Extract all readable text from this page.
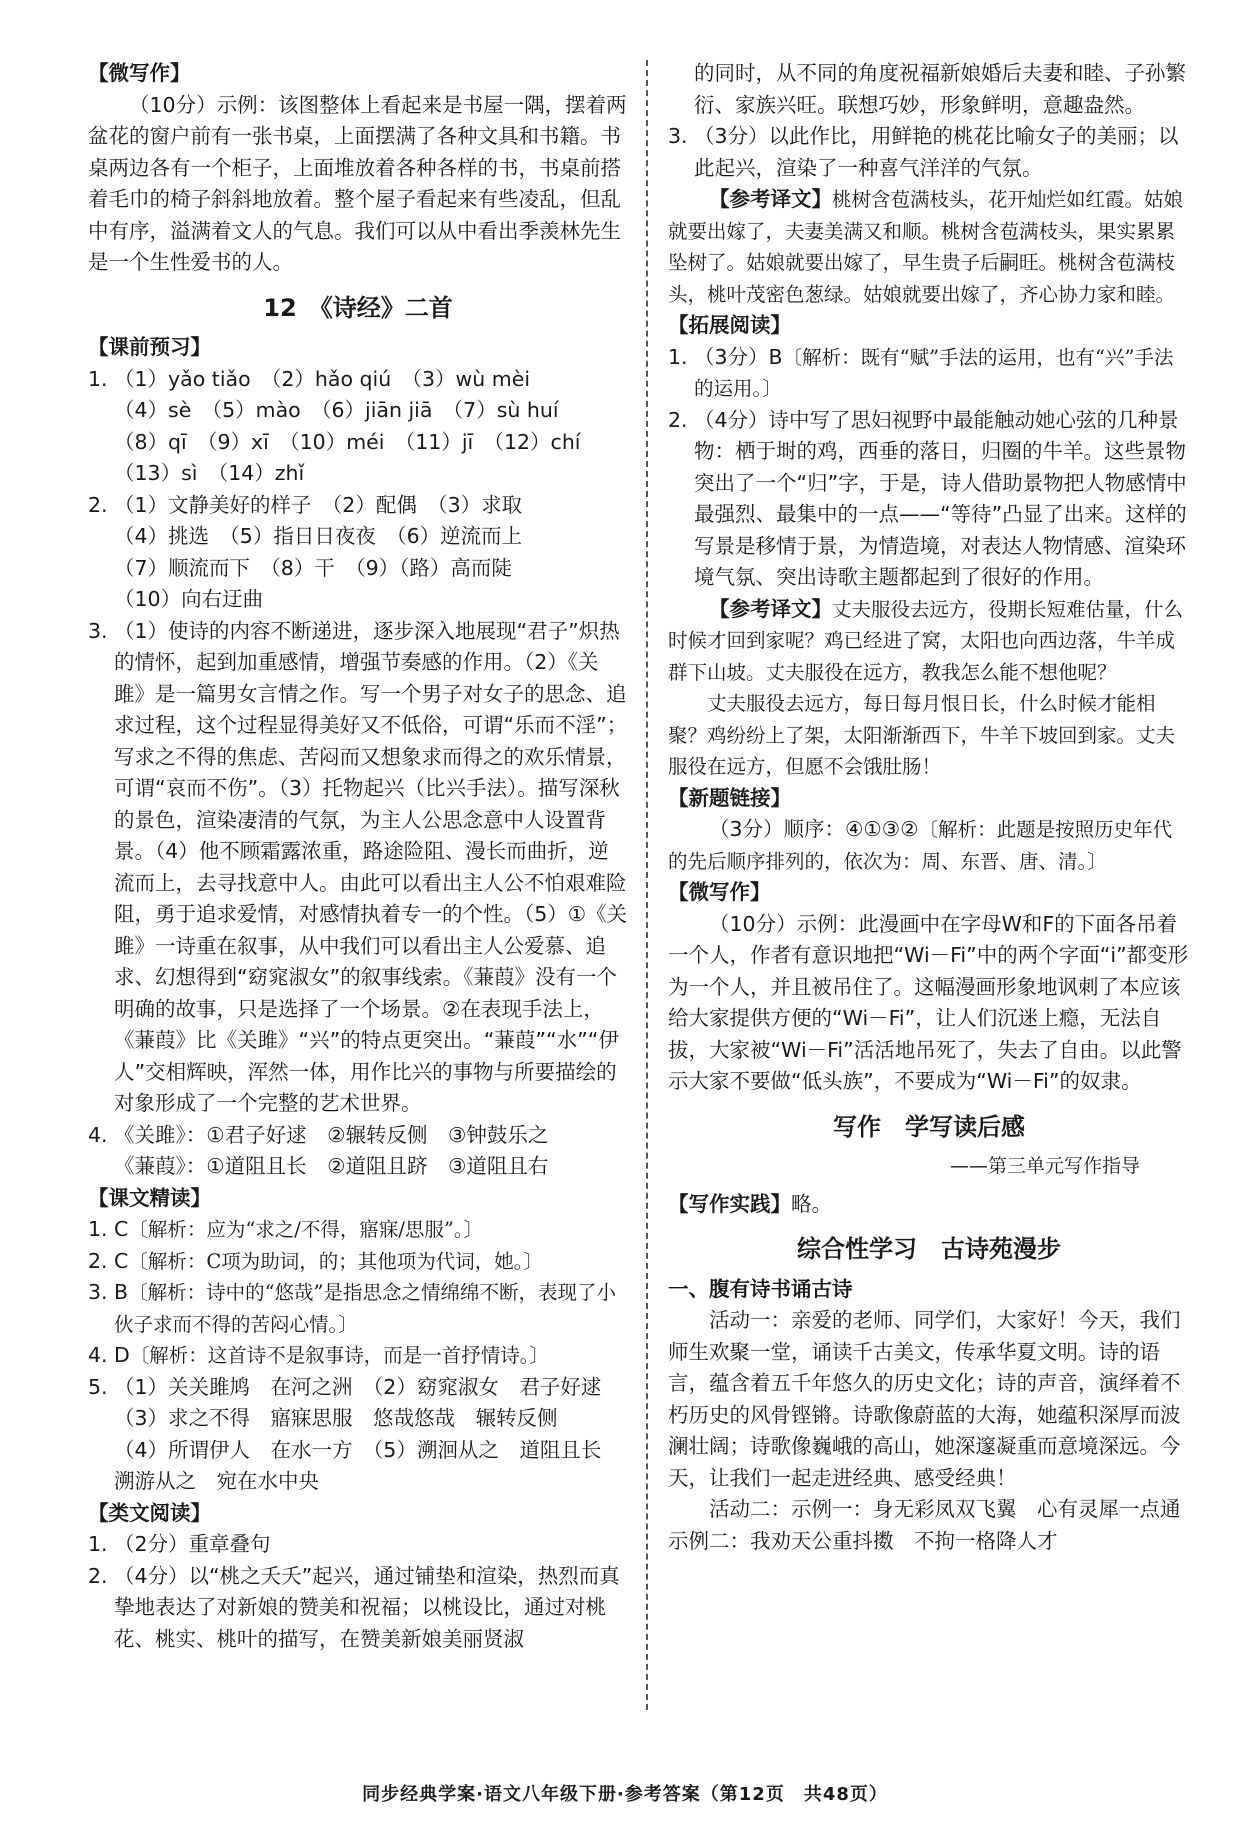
【微写作】

（10分）示例：该图整体上看起来是书屋一隅，摆着两盆花的窗户前有一张书桌，上面摆满了各种文具和书籍。书桌两边各有一个柜子，上面堆放着各种各样的书，书桌前搭着毛巾的椅子斜斜地放着。整个屋子看起来有些凌乱，但乱中有序，溢满着文人的气息。我们可以从中看出季羡林先生是一个生性爱书的人。

12　《诗经》二首

【课前预习】

1. （1）yǎo tiǎo　（2）hǎo qiú　（3）wù mèi
（4）sè　（5）mào　（6）jiān jiā　（7）sù huí
（8）qī　（9）xī　（10）méi　（11）jī　（12）chí
（13）sì　（14）zhǐ
2. （1）文静美好的样子　（2）配偶　（3）求取
（4）挑选　（5）指日日夜夜　（6）逆流而上
（7）顺流而下　（8）干　（9）（路）高而陡
（10）向右迂曲
3. （1）使诗的内容不断递进，逐步深入地展现“君子”炽热的情怀，起到加重感情，增强节奏感的作用。（2）《关雎》是一篇男女言情之作。写一个男子对女子的思念、追求过程，这个过程显得美好又不低俗，可谓“乐而不淫”；写求之不得的焦虑、苦闷而又想象求而得之的欢乐情景，可谓“哀而不伤”。（3）托物起兴（比兴手法）。描写深秋的景色，渲染凄清的气氛，为主人公思念意中人设置背景。（4）他不顾霜露浓重，路途险阻、漫长而曲折，逆流而上，去寻找意中人。由此可以看出主人公不怕艰难险阻，勇于追求爱情，对感情执着专一的个性。（5）①《关雎》一诗重在叙事，从中我们可以看出主人公爱慕、追求、幻想得到“窈窕淑女”的叙事线索。《蒹葭》没有一个明确的故事，只是选择了一个场景。②在表现手法上，《蒹葭》比《关雎》“兴”的特点更突出。“蒹葭”“水”“伊人”交相辉映，浑然一体，用作比兴的事物与所要描绘的对象形成了一个完整的艺术世界。
4. 《关雎》：①君子好逑　②辗转反侧　③钟鼓乐之
《蒹葭》：①道阻且长　②道阻且跻　③道阻且右

【课文精读】

1. C〔解析：应为“求之/不得，寤寐/思服”。〕
2. C〔解析：C项为助词，的；其他项为代词，她。〕
3. B〔解析：诗中的“悠哉”是指思念之情绵绵不断，表现了小伙子求而不得的苦闷心情。〕
4. D〔解析：这首诗不是叙事诗，而是一首抒情诗。〕
5. （1）关关雎鸠　在河之洲　（2）窈窕淑女　君子好逑
（3）求之不得　寤寐思服　悠哉悠哉　辗转反侧
（4）所谓伊人　在水一方　（5）溯洄从之　道阻且长　溯游从之　宛在水中央

【类文阅读】

1. （2分）重章叠句
2. （4分）以“桃之夭夭”起兴，通过铺垫和渲染，热烈而真挚地表达了对新娘的赞美和祝福；以桃设比，通过对桃花、桃实、桃叶的描写，在赞美新娘美丽贤淑

的同时，从不同的角度祝福新娘婚后夫妻和睦、子孙繁衍、家族兴旺。联想巧妙，形象鲜明，意趣盎然。

3. （3分）以此作比，用鲜艳的桃花比喻女子的美丽；以此起兴，渲染了一种喜气洋洋的气氛。

【参考译文】桃树含苞满枝头，花开灿烂如红霞。姑娘就要出嫁了，夫妻美满又和顺。桃树含苞满枝头，果实累累坠树了。姑娘就要出嫁了，早生贵子后嗣旺。桃树含苞满枝头，桃叶茂密色葱绿。姑娘就要出嫁了，齐心协力家和睦。

【拓展阅读】

1. （3分）B〔解析：既有“赋”手法的运用，也有“兴”手法的运用。〕
2. （4分）诗中写了思妇视野中最能触动她心弦的几种景物：栖于埘的鸡，西垂的落日，归圈的牛羊。这些景物突出了一个“归”字，于是，诗人借助景物把人物感情中最强烈、最集中的一点——“等待”凸显了出来。这样的写景是移情于景，为情造境，对表达人物情感、渲染环境气氛、突出诗歌主题都起到了很好的作用。

【参考译文】丈夫服役去远方，役期长短难估量，什么时候才回到家呢？鸡已经进了窝，太阳也向西边落，牛羊成群下山坡。丈夫服役在远方，教我怎么能不想他呢？

丈夫服役去远方，每日每月恨日长，什么时候才能相聚？鸡纷纷上了架，太阳渐渐西下，牛羊下坡回到家。丈夫服役在远方，但愿不会饿肚肠！

【新题链接】

（3分）顺序：④①③②〔解析：此题是按照历史年代的先后顺序排列的，依次为：周、东晋、唐、清。〕

【微写作】

（10分）示例：此漫画中在字母W和F的下面各吊着一个人，作者有意识地把“Wi－Fi”中的两个字面“i”都变形为一个人，并且被吊住了。这幅漫画形象地讽刺了本应该给大家提供方便的“Wi－Fi”，让人们沉迷上瘾，无法自拔，大家被“Wi－Fi”活活地吊死了，失去了自由。以此警示大家不要做“低头族”，不要成为“Wi－Fi”的奴隶。

写作　学写读后感
——第三单元写作指导

【写作实践】略。

综合性学习　古诗苑漫步

一、腹有诗书诵古诗

活动一：亲爱的老师、同学们，大家好！今天，我们师生欢聚一堂，诵读千古美文，传承华夏文明。诗的语言，蕴含着五千年悠久的历史文化；诗的声音，演绎着不朽历史的风骨铿锵。诗歌像蔚蓝的大海，她蕴积深厚而波澜壮阔；诗歌像巍峨的高山，她深邃凝重而意境深远。今天，让我们一起走进经典、感受经典！

活动二：示例一：身无彩凤双飞翼　心有灵犀一点通　示例二：我劝天公重抖擞　不拘一格降人才

同步经典学案·语文八年级下册·参考答案（第12页　共48页）
